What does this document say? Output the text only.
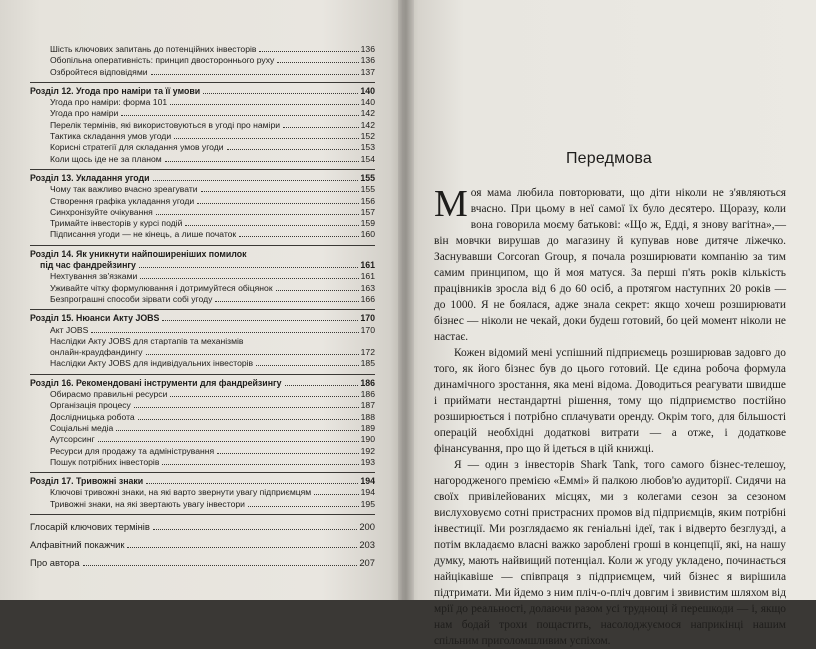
Шість ключових запитань до потенційних інвесторів	136
Обопільна оперативність: принцип двостороннього руху	136
Озбройтеся відповідями	137
Розділ 12. Угода про наміри та її умови	140
Угода про наміри: форма 101	140
Угода про наміри	142
Перелік термінів, які використовуються в угоді про наміри	142
Тактика складання умов угоди	152
Корисні стратегії для складання умов угоди	153
Коли щось іде не за планом	154
Розділ 13. Укладання угоди	155
Чому так важливо вчасно зреагувати	155
Створення графіка укладання угоди	156
Синхронізуйте очікування	157
Тримайте інвесторів у курсі подій	159
Підписання угоди — не кінець, а лише початок	160
Розділ 14. Як уникнути найпоширеніших помилок
під час фандрейзингу	161
Нехтування зв'язками	161
Уживайте чітку формулювання і дотримуйтеся обіцянок	163
Безпрограшні способи зірвати собі угоду	166
Розділ 15. Нюанси Акту JOBS	170
Акт JOBS	170
Наслідки Акту JOBS для стартапів та механізмів
онлайн-краудфандингу	172
Наслідки Акту JOBS для індивідуальних інвесторів	185
Розділ 16. Рекомендовані інструменти для фандрейзингу	186
Обирасмо правильні ресурси	186
Організація процесу	187
Дослідницька робота	188
Соціальні медіа	189
Аутсорсинг	190
Ресурси для продажу та адміністрування	192
Пошук потрібних інвесторів	193
Розділ 17. Тривожні знаки	194
Ключові тривожні знаки, на які варто звернути увагу підприємцям	194
Тривожні знаки, на які звертають увагу інвестори	195
Глосарій ключових термінів	200
Алфавітний покажчик	203
Про автора	207
Передмова

Моя мама любила повторювати, що діти ніколи не з'являються вчасно. При цьому в неї самої їх було десятеро. Щоразу, коли вона говорила моєму батькові: «Що ж, Едді, я знову вагітна»,— він мовчки вирушав до магазину й купував нове дитяче ліжечко. Заснувавши Corcoran Group, я почала розширювати компанію за тим самим принципом, що й моя матуся. За перші п'ять років кількість працівників зросла від 6 до 60 осіб, а протягом наступних 20 років — до 1000. Я не боялася, адже знала секрет: якщо хочеш розширювати бізнес — ніколи не чекай, доки будеш готовий, бо цей момент ніколи не настає.

Кожен відомий мені успішний підприємець розширював задовго до того, як його бізнес був до цього готовий. Це єдина робоча формула динамічного зростання, яка мені відома. Доводиться реагувати швидше і приймати нестандартні рішення, тому що підприємство постійно розширюється і потрібно сплачувати оренду. Окрім того, для більшості операцій необхідні додаткові витрати — а отже, і додаткове фінансування, про що й ідеться в цій книжці.

Я — один з інвесторів Shark Tank, того самого бізнес-телешоу, нагородженого премією «Еммі» й палкою любов'ю аудиторії. Сидячи на своїх привілейованих місцях, ми з колегами сезон за сезоном вислуховуємо сотні пристрасних промов від підприємців, яким потрібні інвестиції. Ми розглядаємо як геніальні ідеї, так і відверто безглузді, а потім вкладаємо власні важко зароблені гроші в концепції, які, на нашу думку, мають найвищий потенціал. Коли ж угоду укладено, починається найцікавіше — співпраця з підприємцем, чий бізнес я вирішила підтримати. Ми йдемо з ним пліч-о-пліч довгим і звивистим шляхом від мрії до реальності, долаючи разом усі труднощі й перешкоди — і, якщо нам бодай трохи пощастить, насолоджуємося наприкінці нашим спільним приголомшливим успіхом.
